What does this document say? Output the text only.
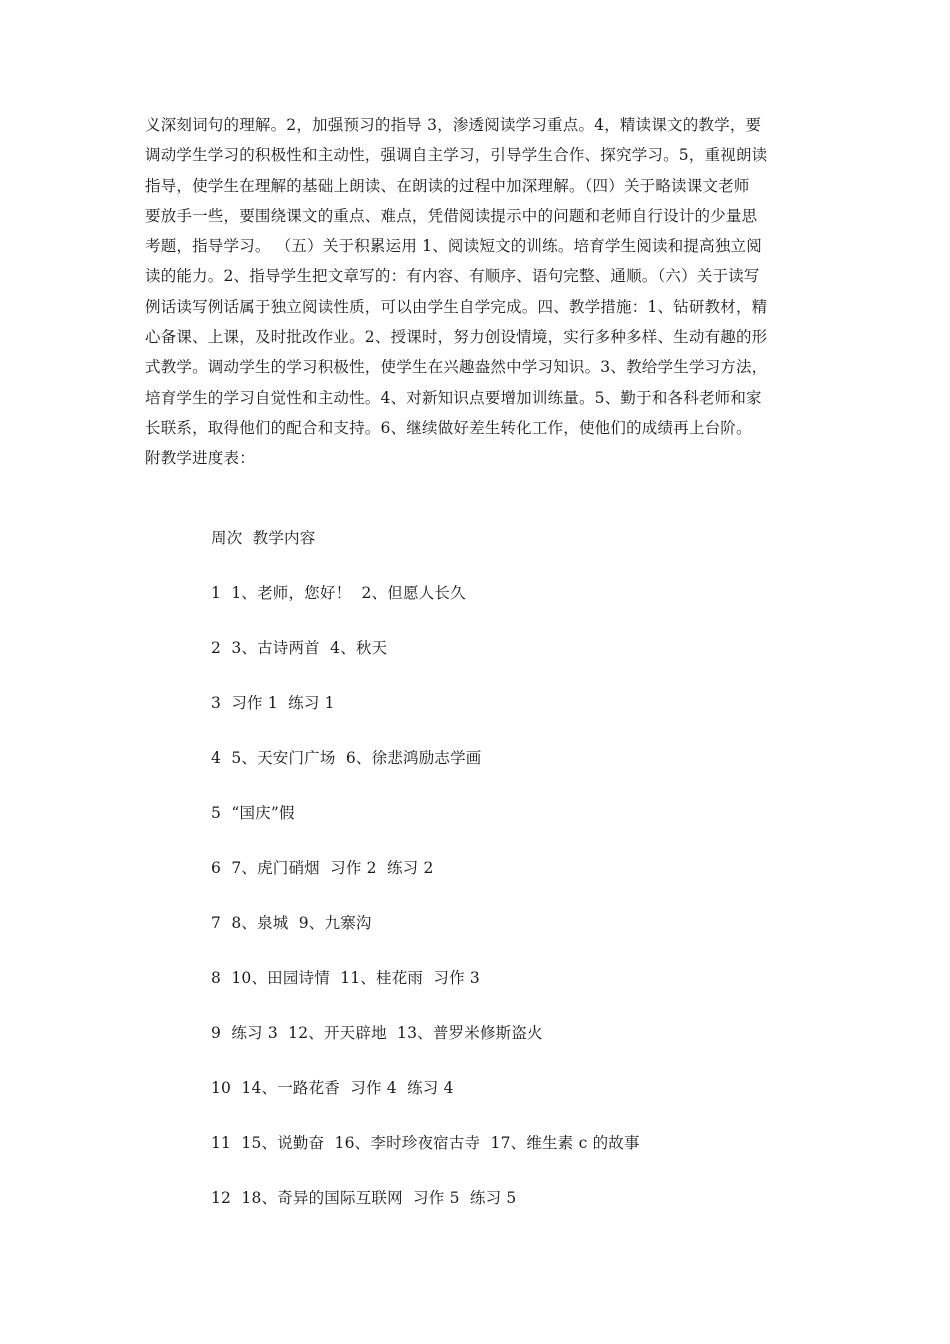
义深刻词句的理解。2，加强预习的指导 3，渗透阅读学习重点。4，精读课文的教学，要
调动学生学习的积极性和主动性，强调自主学习，引导学生合作、探究学习。5，重视朗读
指导，使学生在理解的基础上朗读、在朗读的过程中加深理解。（四）关于略读课文老师
要放手一些，要围绕课文的重点、难点，凭借阅读提示中的问题和老师自行设计的少量思
考题，指导学习。 （五）关于积累运用 1、阅读短文的训练。培育学生阅读和提高独立阅
读的能力。2、指导学生把文章写的：有内容、有顺序、语句完整、通顺。（六）关于读写
例话读写例话属于独立阅读性质，可以由学生自学完成。四、教学措施：1、钻研教材，精
心备课、上课，及时批改作业。2、授课时，努力创设情境，实行多种多样、生动有趣的形
式教学。调动学生的学习积极性，使学生在兴趣盎然中学习知识。3、教给学生学习方法，
培育学生的学习自觉性和主动性。4、对新知识点要增加训练量。5、勤于和各科老师和家
长联系，取得他们的配合和支持。6、继续做好差生转化工作，使他们的成绩再上台阶。
附教学进度表：

周次  教学内容
1  1、老师，您好！  2、但愿人长久
2  3、古诗两首  4、秋天
3  习作 1  练习 1
4  5、天安门广场  6、徐悲鸿励志学画
5  “国庆”假
6  7、虎门硝烟  习作 2  练习 2
7  8、泉城  9、九寨沟
8  10、田园诗情  11、桂花雨  习作 3
9  练习 3  12、开天辟地  13、普罗米修斯盗火
10  14、一路花香  习作 4  练习 4
11  15、说勤奋  16、李时珍夜宿古寺  17、维生素 c 的故事
12  18、奇异的国际互联网  习作 5  练习 5
